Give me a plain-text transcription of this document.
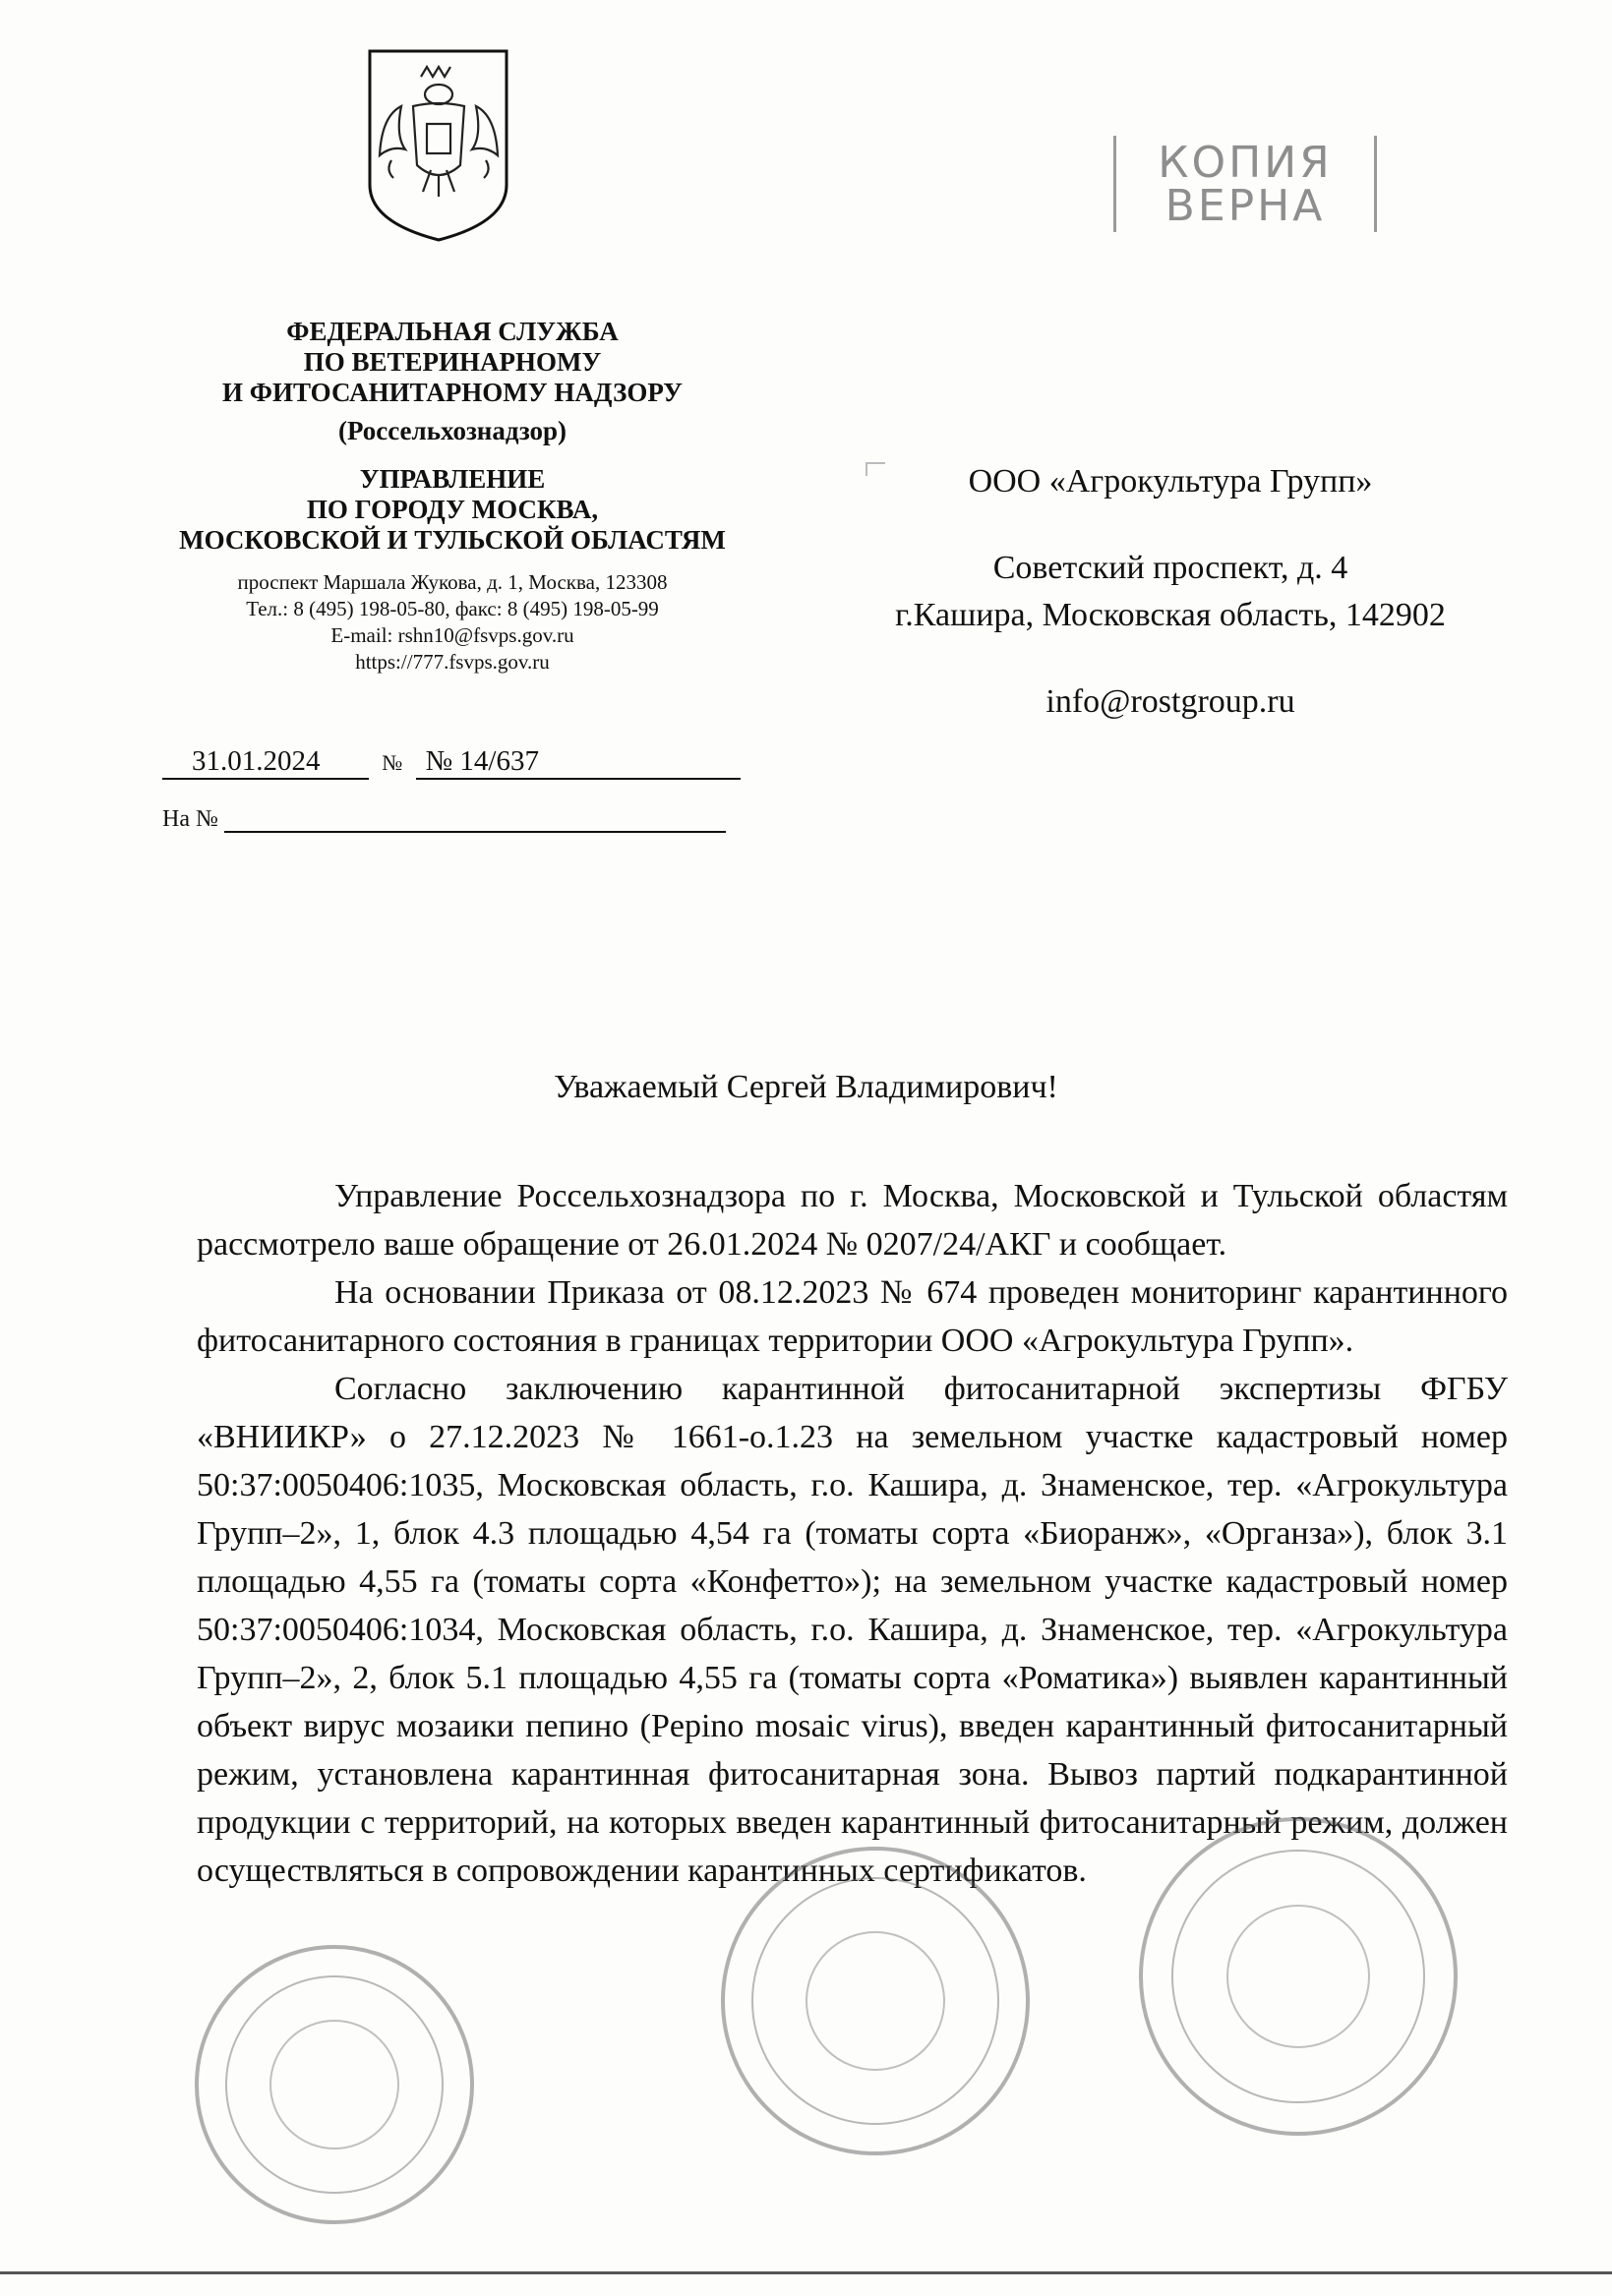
КОПИЯ
ВЕРНА
ФЕДЕРАЛЬНАЯ СЛУЖБА
ПО ВЕТЕРИНАРНОМУ
И ФИТОСАНИТАРНОМУ НАДЗОРУ
(Россельхознадзор)
УПРАВЛЕНИЕ
ПО ГОРОДУ МОСКВА,
МОСКОВСКОЙ И ТУЛЬСКОЙ ОБЛАСТЯМ
проспект Маршала Жукова, д. 1, Москва, 123308
Тел.: 8 (495) 198-05-80, факс: 8 (495) 198-05-99
E-mail: rshn10@fsvps.gov.ru
https://777.fsvps.gov.ru
31.01.2024	№ № 14/637
На №
ООО «Агрокультура Групп»
Советский проспект, д. 4
г.Кашира, Московская область, 142902
info@rostgroup.ru
Уважаемый Сергей Владимирович!

Управление Россельхознадзора по г. Москва, Московской и Тульской областям рассмотрело ваше обращение от 26.01.2024 № 0207/24/АКГ и сообщает.

На основании Приказа от 08.12.2023 № 674 проведен мониторинг карантинного фитосанитарного состояния в границах территории ООО «Агрокультура Групп».

Согласно заключению карантинной фитосанитарной экспертизы ФГБУ «ВНИИКР» о 27.12.2023 № 1661-о.1.23 на земельном участке кадастровый номер 50:37:0050406:1035, Московская область, г.о. Кашира, д. Знаменское, тер. «Агрокультура Групп–2», 1, блок 4.3 площадью 4,54 га (томаты сорта «Биоранж», «Органза»), блок 3.1 площадью 4,55 га (томаты сорта «Конфетто»); на земельном участке кадастровый номер 50:37:0050406:1034, Московская область, г.о. Кашира, д. Знаменское, тер. «Агрокультура Групп–2», 2, блок 5.1 площадью 4,55 га (томаты сорта «Роматика») выявлен карантинный объект вирус мозаики пепино (Pepino mosaic virus), введен карантинный фитосанитарный режим, установлена карантинная фитосанитарная зона. Вывоз партий подкарантинной продукции с территорий, на которых введен карантинный фитосанитарный режим, должен осуществляться в сопровождении карантинных сертификатов.
